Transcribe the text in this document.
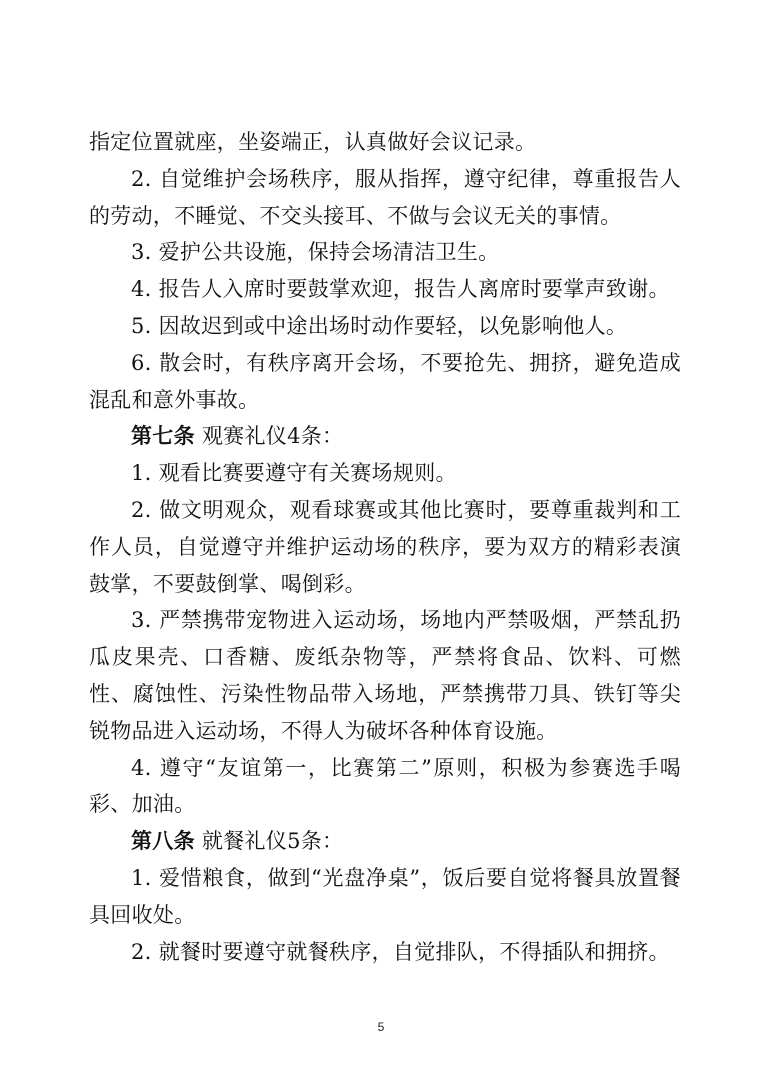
指定位置就座，坐姿端正，认真做好会议记录。

2. 自觉维护会场秩序，服从指挥，遵守纪律，尊重报告人的劳动，不睡觉、不交头接耳、不做与会议无关的事情。

3. 爱护公共设施，保持会场清洁卫生。

4. 报告人入席时要鼓掌欢迎，报告人离席时要掌声致谢。

5. 因故迟到或中途出场时动作要轻，以免影响他人。

6. 散会时，有秩序离开会场，不要抢先、拥挤，避免造成混乱和意外事故。

第七条 观赛礼仪4条：

1. 观看比赛要遵守有关赛场规则。

2. 做文明观众，观看球赛或其他比赛时，要尊重裁判和工作人员，自觉遵守并维护运动场的秩序，要为双方的精彩表演鼓掌，不要鼓倒掌、喝倒彩。

3. 严禁携带宠物进入运动场，场地内严禁吸烟，严禁乱扔瓜皮果壳、口香糖、废纸杂物等，严禁将食品、饮料、可燃性、腐蚀性、污染性物品带入场地，严禁携带刀具、铁钉等尖锐物品进入运动场，不得人为破坏各种体育设施。

4. 遵守“友谊第一，比赛第二”原则，积极为参赛选手喝彩、加油。

第八条 就餐礼仪5条：

1. 爱惜粮食，做到“光盘净桌”，饭后要自觉将餐具放置餐具回收处。

2. 就餐时要遵守就餐秩序，自觉排队，不得插队和拥挤。

5
